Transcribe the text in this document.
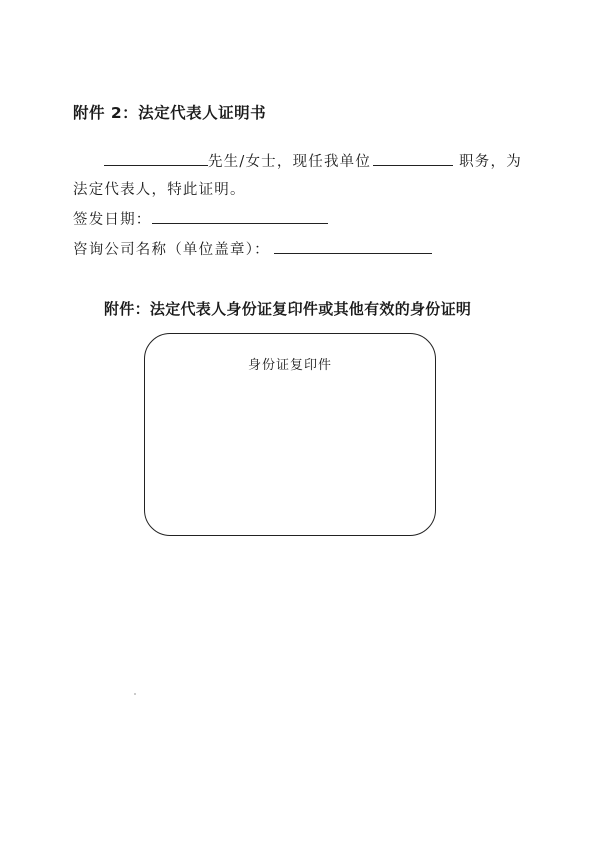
附件 2：法定代表人证明书
先生/女士，现任我单位	职务，为
法定代表人，特此证明。
签发日期：
咨询公司名称（单位盖章）：
附件：法定代表人身份证复印件或其他有效的身份证明
身份证复印件
